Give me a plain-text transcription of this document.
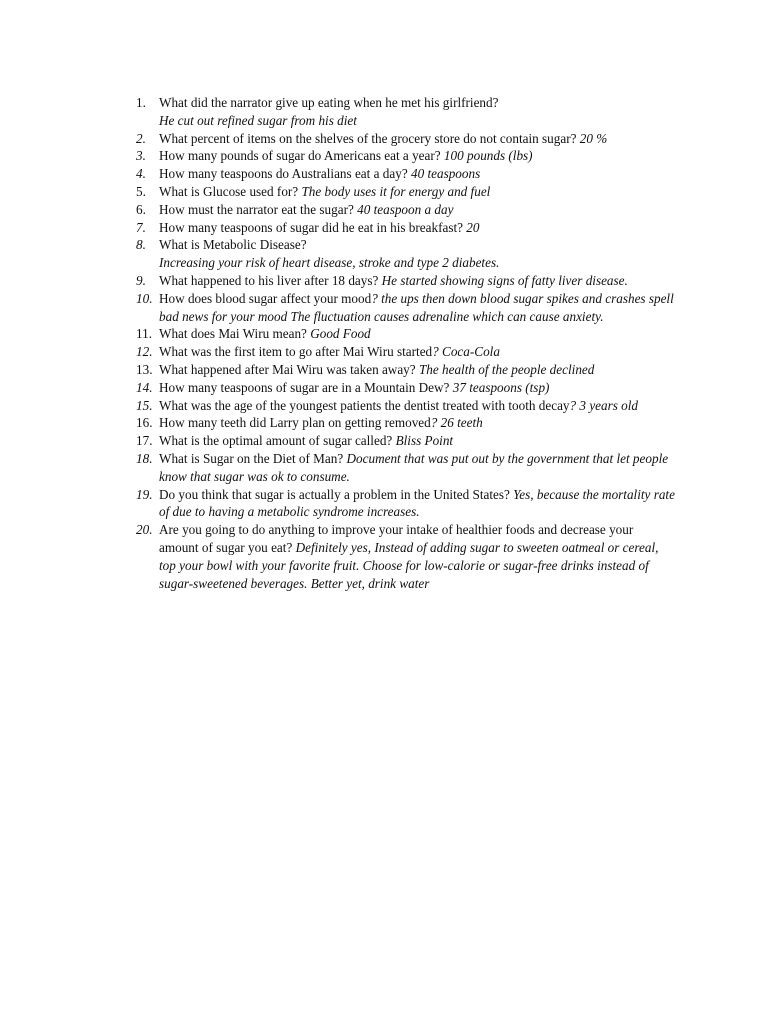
1. What did the narrator give up eating when he met his girlfriend?
He cut out refined sugar from his diet
2. What percent of items on the shelves of the grocery store do not contain sugar? 20 %
3. How many pounds of sugar do Americans eat a year? 100 pounds (lbs)
4. How many teaspoons do Australians eat a day? 40 teaspoons
5. What is Glucose used for? The body uses it for energy and fuel
6. How must the narrator eat the sugar? 40 teaspoon a day
7. How many teaspoons of sugar did he eat in his breakfast? 20
8. What is Metabolic Disease?
Increasing your risk of heart disease, stroke and type 2 diabetes.
9. What happened to his liver after 18 days? He started showing signs of fatty liver disease.
10. How does blood sugar affect your mood? the ups then down blood sugar spikes and crashes spell bad news for your mood The fluctuation causes adrenaline which can cause anxiety.
11. What does Mai Wiru mean? Good Food
12. What was the first item to go after Mai Wiru started? Coca-Cola
13. What happened after Mai Wiru was taken away? The health of the people declined
14. How many teaspoons of sugar are in a Mountain Dew? 37 teaspoons (tsp)
15. What was the age of the youngest patients the dentist treated with tooth decay? 3 years old
16. How many teeth did Larry plan on getting removed? 26 teeth
17. What is the optimal amount of sugar called? Bliss Point
18. What is Sugar on the Diet of Man? Document that was put out by the government that let people know that sugar was ok to consume.
19. Do you think that sugar is actually a problem in the United States? Yes, because the mortality rate of due to having a metabolic syndrome increases.
20. Are you going to do anything to improve your intake of healthier foods and decrease your amount of sugar you eat? Definitely yes, Instead of adding sugar to sweeten oatmeal or cereal, top your bowl with your favorite fruit. Choose for low-calorie or sugar-free drinks instead of sugar-sweetened beverages. Better yet, drink water
